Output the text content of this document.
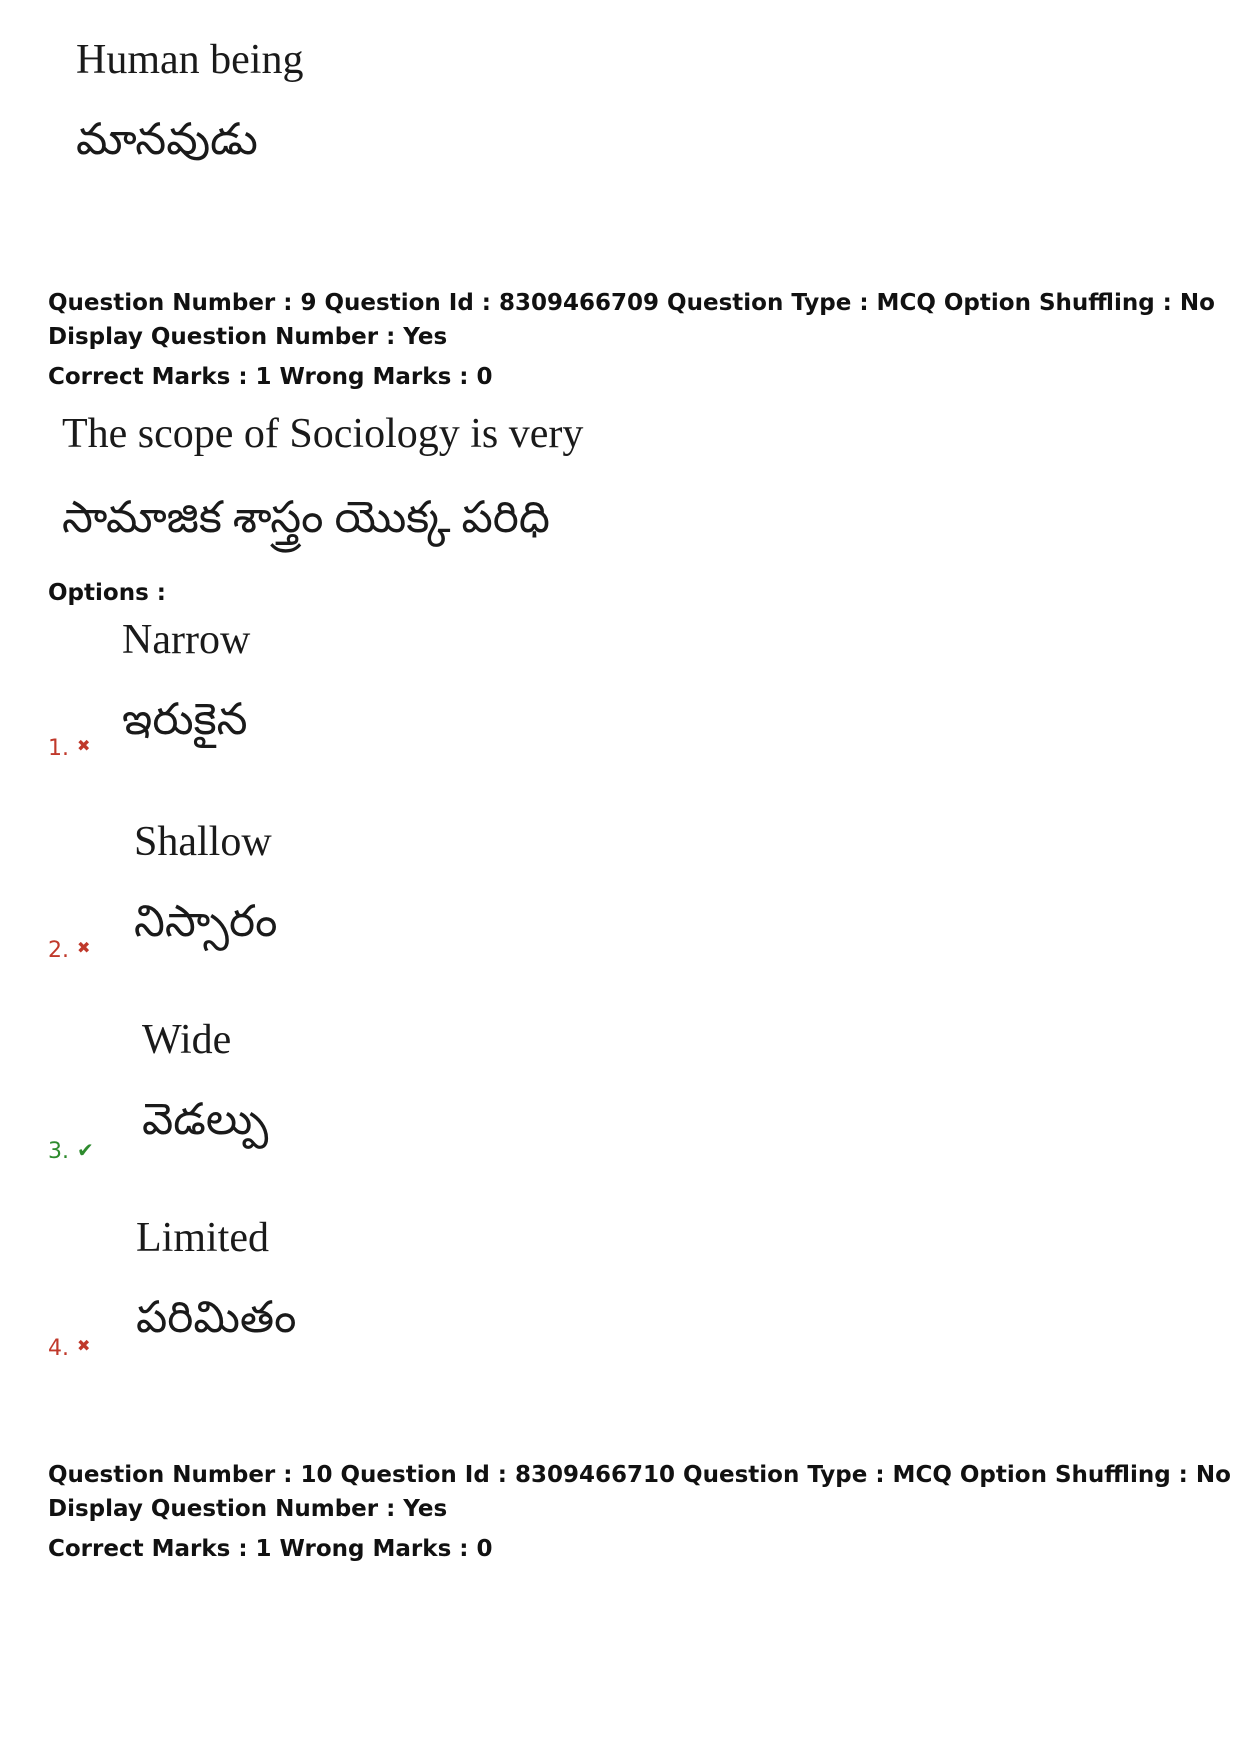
Human being
మానవుడు
Question Number : 9 Question Id : 8309466709 Question Type : MCQ Option Shuffling : No
Display Question Number : Yes
Correct Marks : 1 Wrong Marks : 0
The scope of Sociology is very
సామాజిక శాస్త్రం యొక్క పరిధి
Options :
Narrow
ఇరుకైన
1. ✖
Shallow
నిస్సారం
2. ✖
Wide
వెడల్పు
3. ✔
Limited
పరిమితం
4. ✖
Question Number : 10 Question Id : 8309466710 Question Type : MCQ Option Shuffling : No
Display Question Number : Yes
Correct Marks : 1 Wrong Marks : 0
